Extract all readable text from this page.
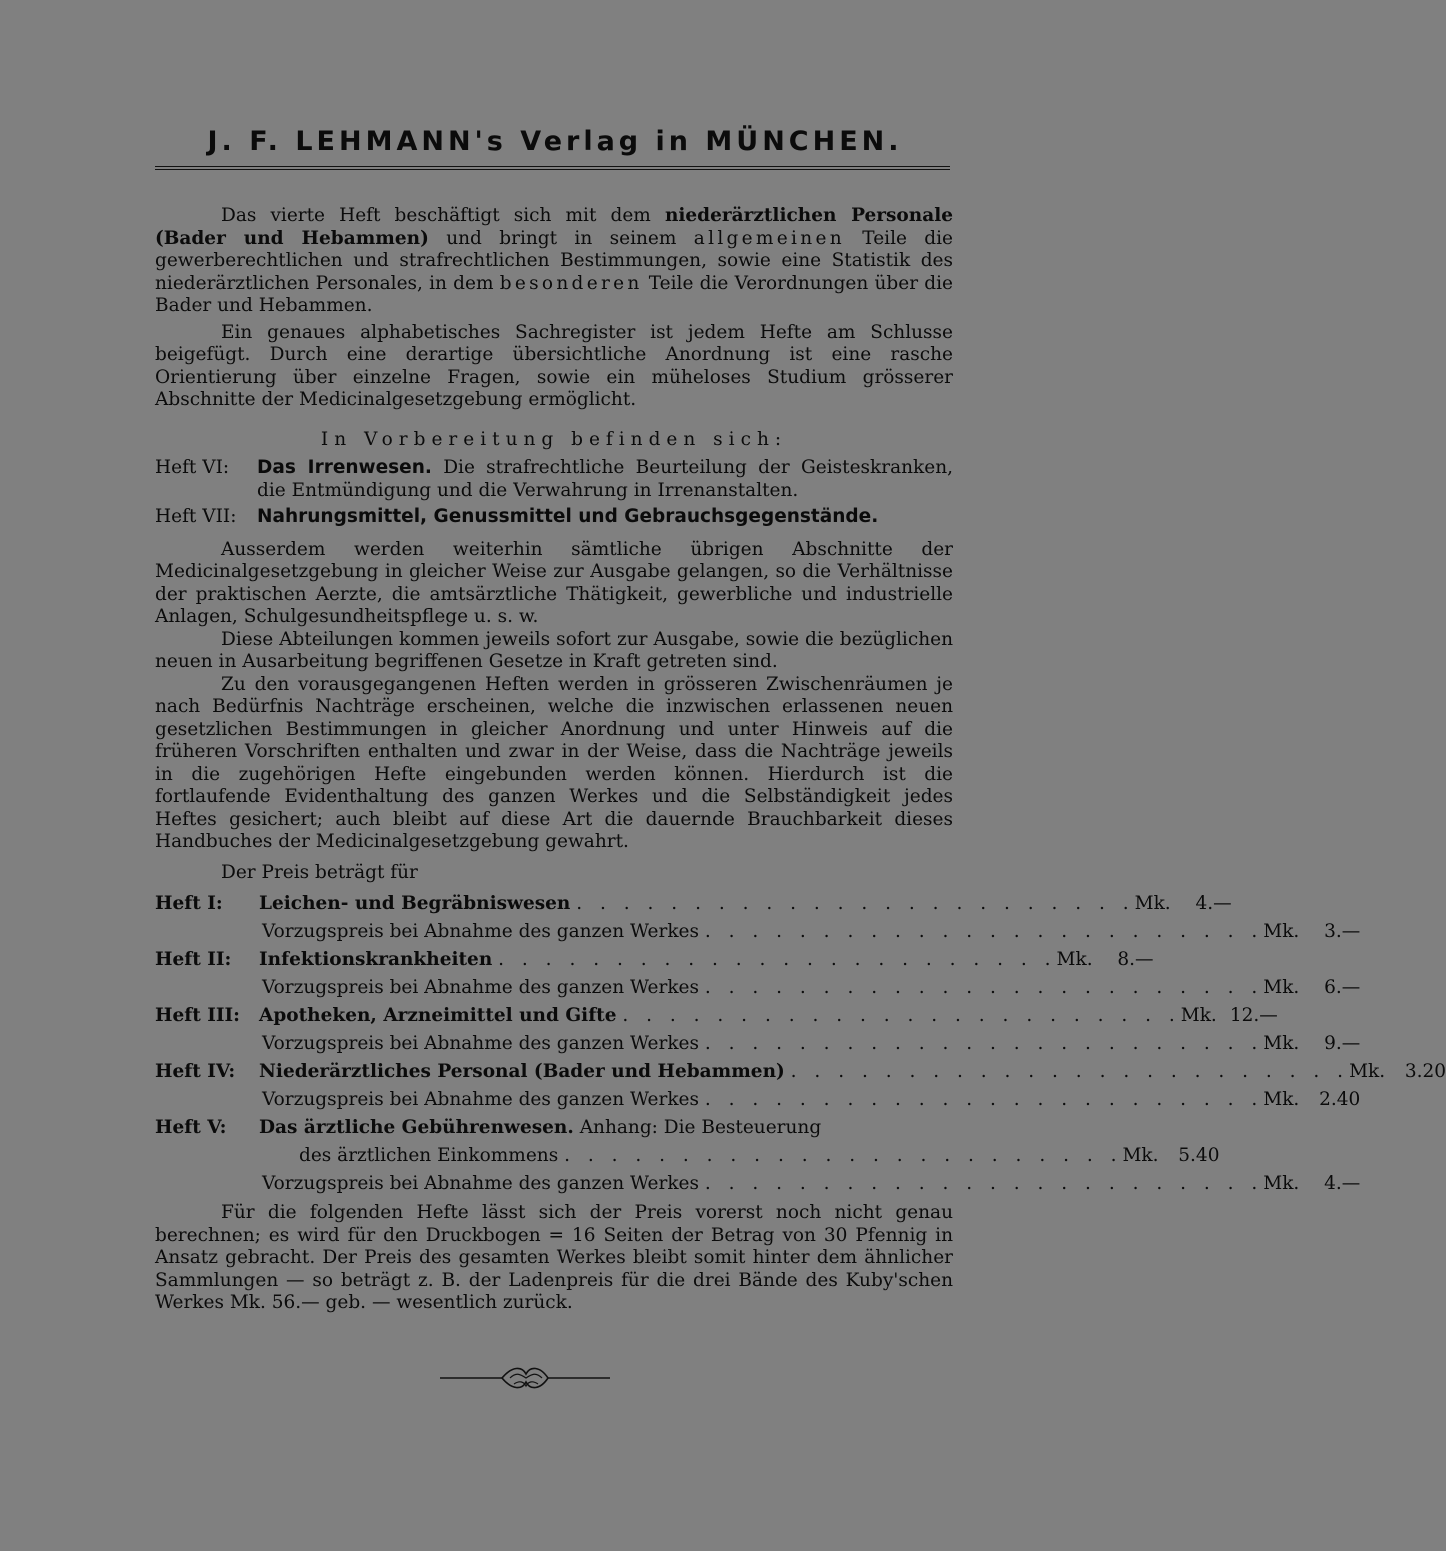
J. F. LEHMANN's Verlag in MÜNCHEN.

Das vierte Heft beschäftigt sich mit dem niederärztlichen Personale (Bader und Hebammen) und bringt in seinem allgemeinen Teile die gewerberechtlichen und strafrechtlichen Bestimmungen, sowie eine Statistik des niederärztlichen Personales, in dem besonderen Teile die Verordnungen über die Bader und Hebammen.

Ein genaues alphabetisches Sachregister ist jedem Hefte am Schlusse beigefügt. Durch eine derartige übersichtliche Anordnung ist eine rasche Orientierung über einzelne Fragen, sowie ein müheloses Studium grösserer Abschnitte der Medicinalgesetzgebung ermöglicht.

In Vorbereitung befinden sich:

Heft VI:	Das Irrenwesen. Die strafrechtliche Beurteilung der Geisteskranken, die Entmündigung und die Verwahrung in Irrenanstalten.
Heft VII:	Nahrungsmittel, Genussmittel und Gebrauchsgegenstände.

Ausserdem werden weiterhin sämtliche übrigen Abschnitte der Medicinalgesetzgebung in gleicher Weise zur Ausgabe gelangen, so die Verhältnisse der praktischen Aerzte, die amtsärztliche Thätigkeit, gewerbliche und industrielle Anlagen, Schulgesundheitspflege u. s. w.

Diese Abteilungen kommen jeweils sofort zur Ausgabe, sowie die bezüglichen neuen in Ausarbeitung begriffenen Gesetze in Kraft getreten sind.

Zu den vorausgegangenen Heften werden in grösseren Zwischenräumen je nach Bedürfnis Nachträge erscheinen, welche die inzwischen erlassenen neuen gesetzlichen Bestimmungen in gleicher Anordnung und unter Hinweis auf die früheren Vorschriften enthalten und zwar in der Weise, dass die Nachträge jeweils in die zugehörigen Hefte eingebunden werden können. Hierdurch ist die fortlaufende Evidenthaltung des ganzen Werkes und die Selbständigkeit jedes Heftes gesichert; auch bleibt auf diese Art die dauernde Brauchbarkeit dieses Handbuches der Medicinalgesetzgebung gewahrt.

Der Preis beträgt für
Heft I:	Leichen- und Begräbniswesen . . . . . . . . . . . . . . . . . . . . . . . . Mk.	4.—
Vorzugspreis bei Abnahme des ganzen Werkes . . . . . . . . . . . . . . . . . . . . . . . . Mk.	3.—
Heft II:	Infektionskrankheiten . . . . . . . . . . . . . . . . . . . . . . . . Mk.	8.—
Vorzugspreis bei Abnahme des ganzen Werkes . . . . . . . . . . . . . . . . . . . . . . . . Mk.	6.—
Heft III:	Apotheken, Arzneimittel und Gifte . . . . . . . . . . . . . . . . . . . . . . . . Mk. 12.—
Vorzugspreis bei Abnahme des ganzen Werkes . . . . . . . . . . . . . . . . . . . . . . . . Mk.	9.—
Heft IV:	Niederärztliches Personal (Bader und Hebammen) . . . . . . . . . . . . . . . . . . . . . . . . Mk.	3.20
Vorzugspreis bei Abnahme des ganzen Werkes . . . . . . . . . . . . . . . . . . . . . . . . Mk.	2.40
Heft V:	Das ärztliche Gebührenwesen. Anhang: Die Besteuerung
des ärztlichen Einkommens . . . . . . . . . . . . . . . . . . . . . . . . Mk.	5.40
Vorzugspreis bei Abnahme des ganzen Werkes . . . . . . . . . . . . . . . . . . . . . . . . Mk.	4.—

Für die folgenden Hefte lässt sich der Preis vorerst noch nicht genau berechnen; es wird für den Druckbogen = 16 Seiten der Betrag von 30 Pfennig in Ansatz gebracht. Der Preis des gesamten Werkes bleibt somit hinter dem ähnlicher Sammlungen — so beträgt z. B. der Ladenpreis für die drei Bände des Kuby'schen Werkes Mk. 56.— geb. — wesentlich zurück.
